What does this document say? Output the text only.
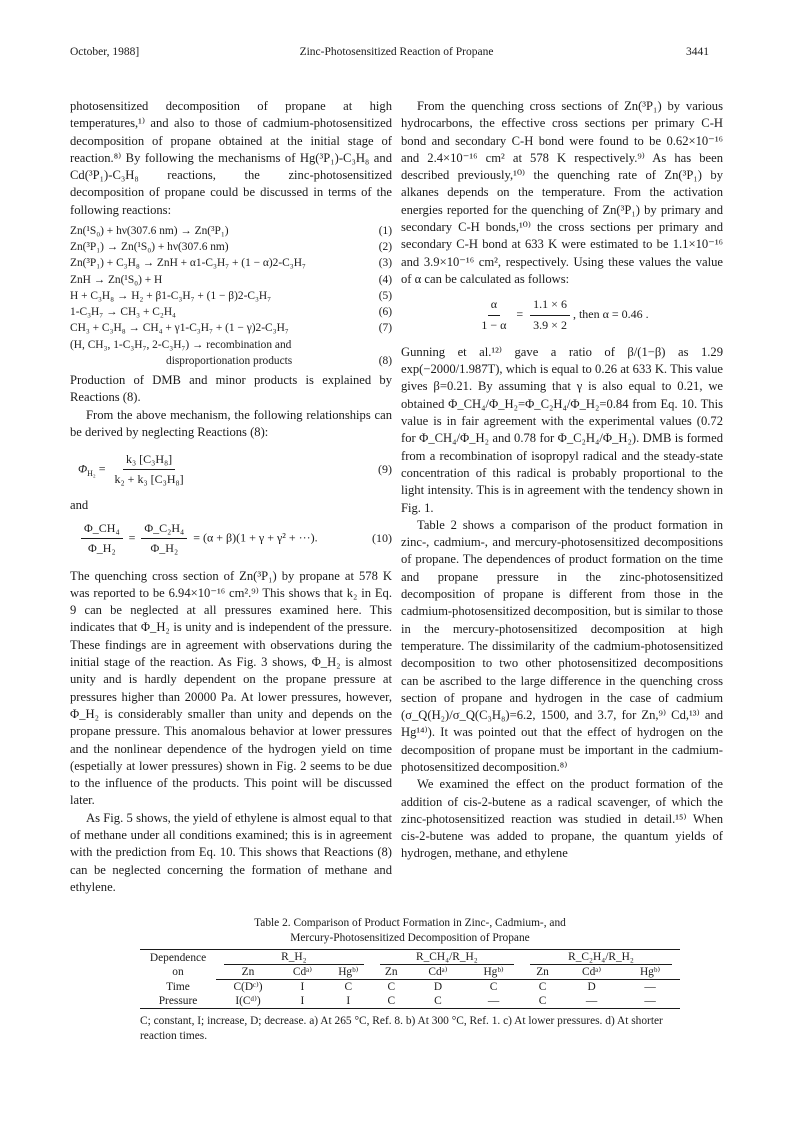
October, 1988]	Zinc-Photosensitized Reaction of Propane	3441

photosensitized decomposition of propane at high temperatures,¹⁾ and also to those of cadmium-photosensitized decomposition of propane obtained at the initial stage of reaction.⁸⁾ By following the mechanisms of Hg(³P₁)-C₃H₈ and Cd(³P₁)-C₃H₈ reactions, the zinc-photosensitized decomposition of propane could be discussed in terms of the following reactions:

Zn(¹S₀) + hν(307.6 nm) → Zn(³P₁)	(1)
Zn(³P₁) → Zn(¹S₀) + hν(307.6 nm)	(2)
Zn(³P₁) + C₃H₈ → ZnH + α1-C₃H₇ + (1 − α)2-C₃H₇	(3)
ZnH → Zn(¹S₀) + H	(4)
H + C₃H₈ → H₂ + β1-C₃H₇ + (1 − β)2-C₃H₇	(5)
1-C₃H₇ → CH₃ + C₂H₄	(6)
CH₃ + C₃H₈ → CH₄ + γ1-C₃H₇ + (1 − γ)2-C₃H₇	(7)
(H, CH₃, 1-C₃H₇, 2-C₃H₇) → recombination and
disproportionation products	(8)

Production of DMB and minor products is explained by Reactions (8).

From the above mechanism, the following relationships can be derived by neglecting Reactions (8):

$\Phi_{H_2} = \frac{\text{k₃ [C₃H₈]}}{\text{k₂ + k₃ [C₃H₈]}}$	(9)

and

$\frac{\text{Φ\_CH₄}}{\text{Φ\_H₂}} = \frac{\text{Φ\_C₂H₄}}{\text{Φ\_H₂}} = (\alpha + \beta)(1 + \gamma + \gamma^2$ + ···).	(10)

The quenching cross section of Zn(³P₁) by propane at 578 K was reported to be 6.94×10⁻¹⁶ cm².⁹⁾ This shows that k₂ in Eq. 9 can be neglected at all pressures examined here. This indicates that Φ_H₂ is unity and is independent of the pressure. These findings are in agreement with observations during the initial stage of the reaction. As Fig. 3 shows, Φ_H₂ is almost unity and is hardly dependent on the propane pressure at pressures higher than 20000 Pa. At lower pressures, however, Φ_H₂ is considerably smaller than unity and depends on the propane pressure. This anomalous behavior at lower pressures and the nonlinear dependence of the hydrogen yield on time (espetially at lower pressures) shown in Fig. 2 seems to be due to the influence of the products. This point will be discussed later.

As Fig. 5 shows, the yield of ethylene is almost equal to that of methane under all conditions examined; this is in agreement with the prediction from Eq. 10. This shows that Reactions (8) can be neglected concerning the formation of methane and ethylene.

From the quenching cross sections of Zn(³P₁) by various hydrocarbons, the effective cross sections per primary C-H bond and secondary C-H bond were found to be 0.62×10⁻¹⁶ and 2.4×10⁻¹⁶ cm² at 578 K respectively.⁹⁾ As has been described previously,¹⁰⁾ the quenching rate of Zn(³P₁) by alkanes depends on the temperature. From the activation energies reported for the quenching of Zn(³P₁) by primary and secondary C-H bonds,¹⁰⁾ the cross sections per primary and secondary C-H bond at 633 K were estimated to be 1.1×10⁻¹⁶ and 3.9×10⁻¹⁶ cm², respectively. Using these values the value of α can be calculated as follows:

$\frac{\alpha}{1 - \alpha} = \frac{1.1 \times 6}{3.9 \times 2}$ , then α = 0.46 .

Gunning et al.¹²⁾ gave a ratio of β/(1−β) as 1.29 exp(−2000/1.987T), which is equal to 0.26 at 633 K. This value gives β=0.21. By assuming that γ is also equal to 0.21, we obtained Φ_CH₄/Φ_H₂=Φ_C₂H₄/Φ_H₂=0.84 from Eq. 10. This value is in fair agreement with the experimental values (0.72 for Φ_CH₄/Φ_H₂ and 0.78 for Φ_C₂H₄/Φ_H₂). DMB is formed from a recombination of isopropyl radical and the steady-state concentration of this radical is probably proportional to the light intensity. This is in agreement with the tendency shown in Fig. 1.

Table 2 shows a comparison of the product formation in zinc-, cadmium-, and mercury-photosensitized decompositions of propane. The dependences of product formation on the time and propane pressure in the zinc-photosensitized decomposition of propane is different from those in the cadmium-photosensitized decomposition, but is similar to those in the mercury-photosensitized decomposition at high temperature. The dissimilarity of the cadmium-photosensitized decomposition to two other photosensitized decompositions can be ascribed to the large difference in the quenching cross section of propane and hydrogen in the case of cadmium (σ_Q(H₂)/σ_Q(C₃H₈)=6.2, 1500, and 3.7, for Zn,⁹⁾ Cd,¹³⁾ and Hg¹⁴⁾). It was pointed out that the effect of hydrogen on the decomposition of propane must be important in the cadmium-photosensitized decomposition.⁸⁾

We examined the effect on the product formation of the addition of cis-2-butene as a radical scavenger, of which the zinc-photosensitized reaction was studied in detail.¹⁵⁾ When cis-2-butene was added to propane, the quantum yields of hydrogen, methane, and ethylene

Table 2. Comparison of Product Formation in Zinc-, Cadmium-, and
Mercury-Photosensitized Decomposition of Propane
Dependence
on	R_H₂			R_CH₄/R_H₂			R_C₂H₄/R_H₂		

	Zn	Cdᵃ⁾	Hgᵇ⁾	Zn	Cdᵃ⁾	Hgᵇ⁾	Zn	Cdᵃ⁾	Hgᵇ⁾
Time	C(Dᶜ⁾)	I	C	C	D	C	C	D	—
Pressure	I(Cᵈ⁾)	I	I	C	C	—	C	—	—
C; constant, I; increase, D; decrease. a) At 265 °C, Ref. 8. b) At 300 °C, Ref. 1. c) At lower pressures. d) At shorter reaction times.
